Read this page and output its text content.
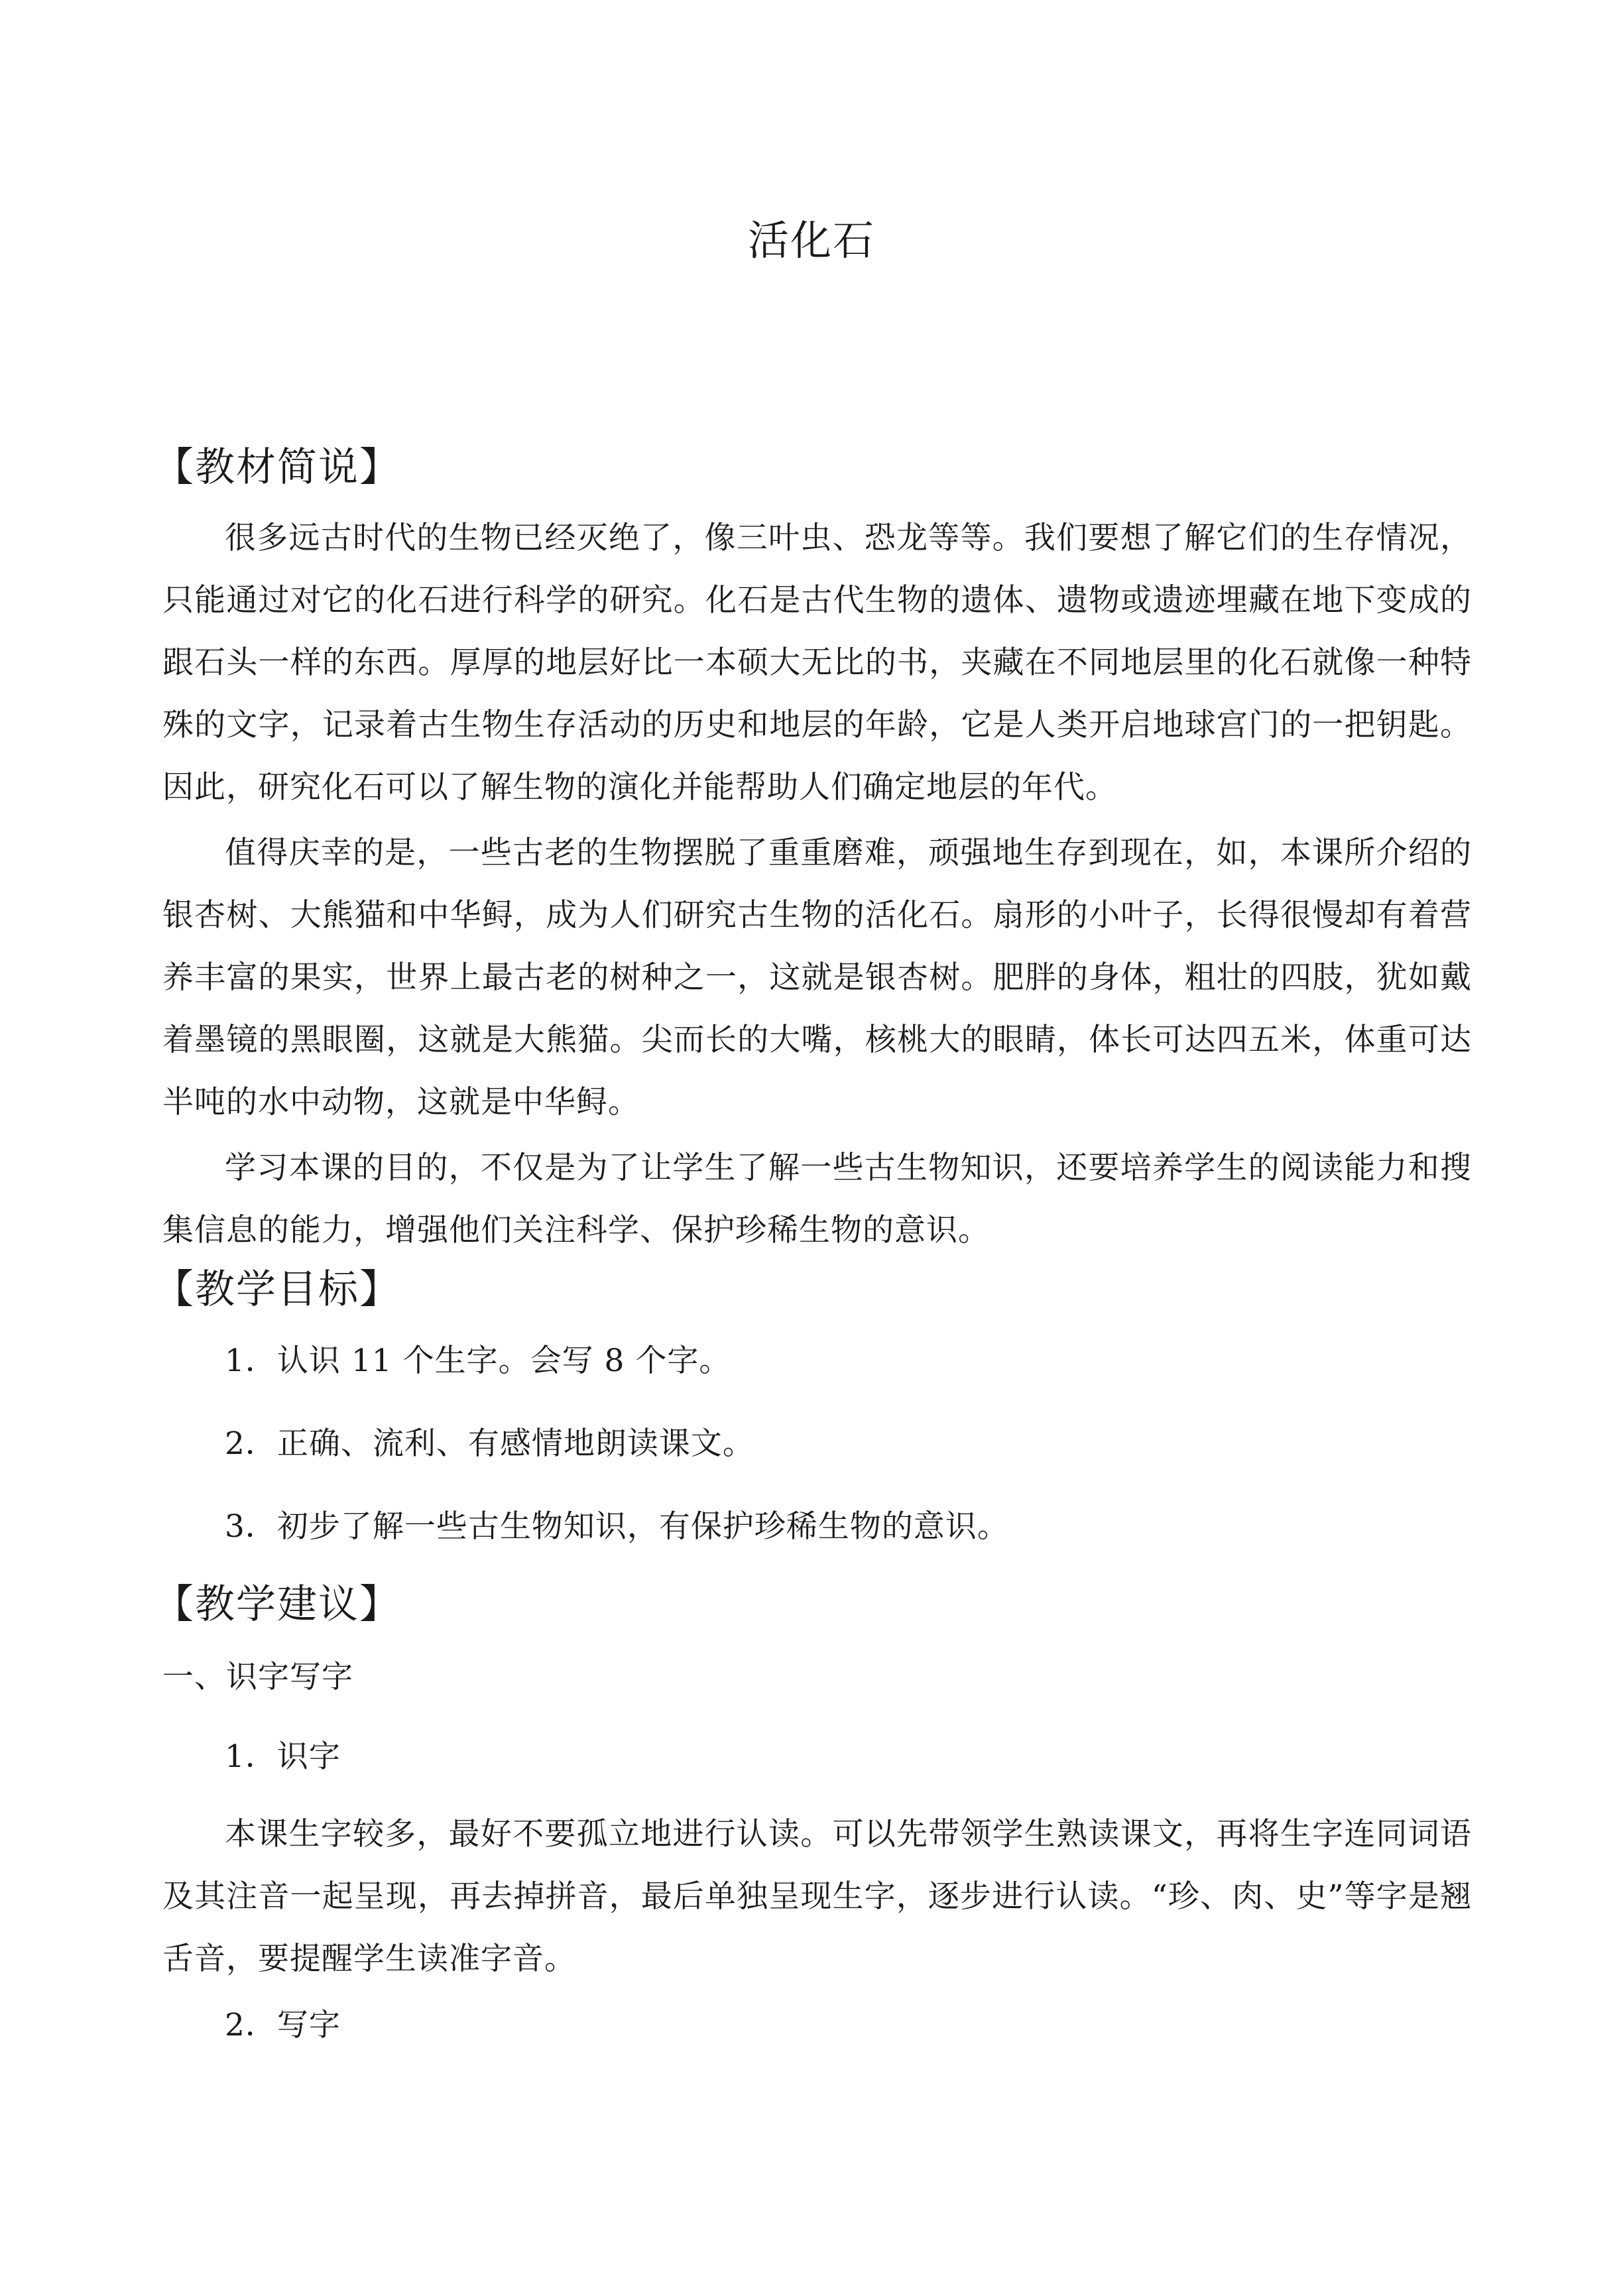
活化石
【教材简说】
很多远古时代的生物已经灭绝了，像三叶虫、恐龙等等。我们要想了解它们的生存情况，只能通过对它的化石进行科学的研究。化石是古代生物的遗体、遗物或遗迹埋藏在地下变成的跟石头一样的东西。厚厚的地层好比一本硕大无比的书，夹藏在不同地层里的化石就像一种特殊的文字，记录着古生物生存活动的历史和地层的年龄，它是人类开启地球宫门的一把钥匙。因此，研究化石可以了解生物的演化并能帮助人们确定地层的年代。
值得庆幸的是，一些古老的生物摆脱了重重磨难，顽强地生存到现在，如，本课所介绍的银杏树、大熊猫和中华鲟，成为人们研究古生物的活化石。扇形的小叶子，长得很慢却有着营养丰富的果实，世界上最古老的树种之一，这就是银杏树。肥胖的身体，粗壮的四肢，犹如戴着墨镜的黑眼圈，这就是大熊猫。尖而长的大嘴，核桃大的眼睛，体长可达四五米，体重可达半吨的水中动物，这就是中华鲟。
学习本课的目的，不仅是为了让学生了解一些古生物知识，还要培养学生的阅读能力和搜集信息的能力，增强他们关注科学、保护珍稀生物的意识。
【教学目标】
1．认识 11 个生字。会写 8 个字。
2．正确、流利、有感情地朗读课文。
3．初步了解一些古生物知识，有保护珍稀生物的意识。
【教学建议】
一、识字写字
1．识字
本课生字较多，最好不要孤立地进行认读。可以先带领学生熟读课文，再将生字连同词语及其注音一起呈现，再去掉拼音，最后单独呈现生字，逐步进行认读。“珍、肉、史”等字是翘舌音，要提醒学生读准字音。
2．写字
